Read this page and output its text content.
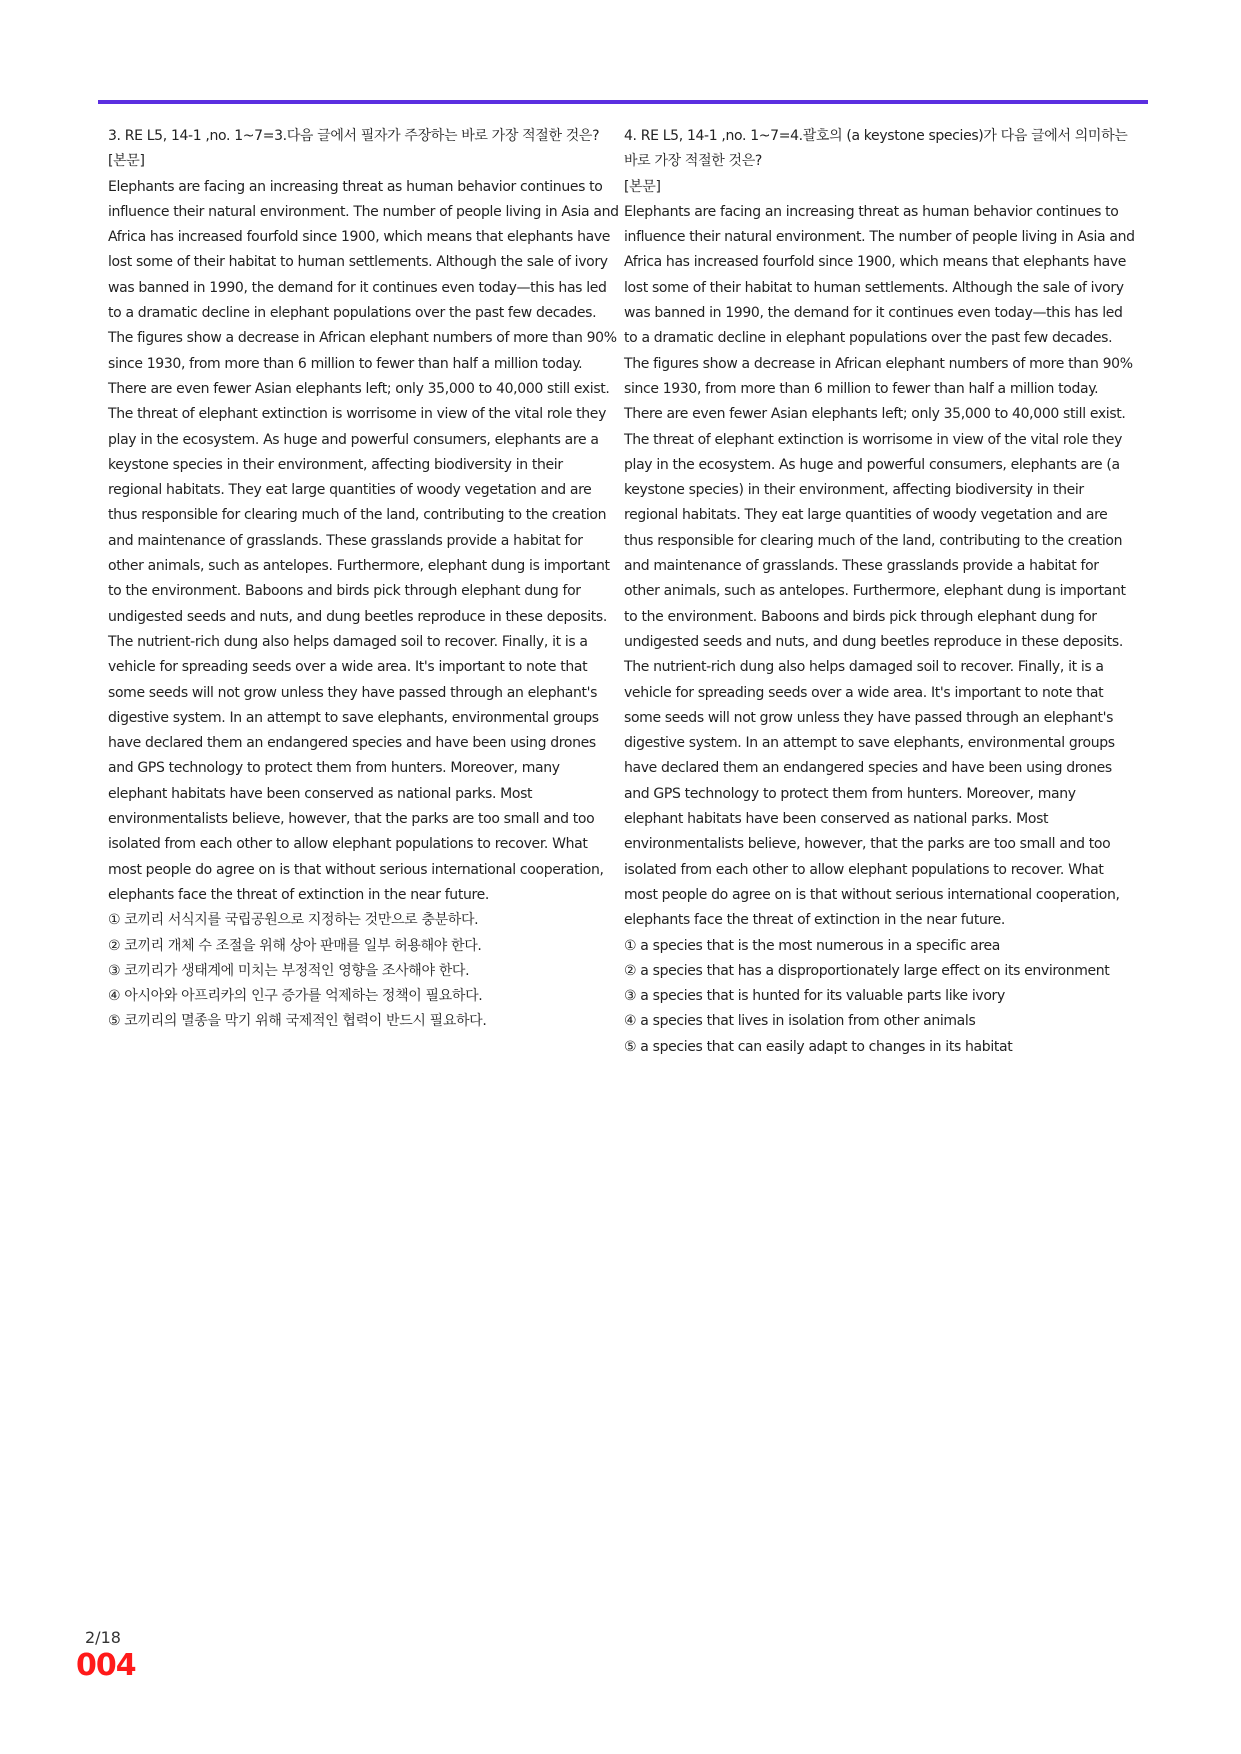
3. RE L5, 14-1 ,no. 1~7=3.다음 글에서 필자가 주장하는 바로 가장 적절한 것은?

[본문]

Elephants are facing an increasing threat as human behavior continues to influence their natural environment. The number of people living in Asia and Africa has increased fourfold since 1900, which means that elephants have lost some of their habitat to human settlements. Although the sale of ivory was banned in 1990, the demand for it continues even today—this has led to a dramatic decline in elephant populations over the past few decades. The figures show a decrease in African elephant numbers of more than 90% since 1930, from more than 6 million to fewer than half a million today. There are even fewer Asian elephants left; only 35,000 to 40,000 still exist. The threat of elephant extinction is worrisome in view of the vital role they play in the ecosystem. As huge and powerful consumers, elephants are a keystone species in their environment, affecting biodiversity in their regional habitats. They eat large quantities of woody vegetation and are thus responsible for clearing much of the land, contributing to the creation and maintenance of grasslands. These grasslands provide a habitat for other animals, such as antelopes. Furthermore, elephant dung is important to the environment. Baboons and birds pick through elephant dung for undigested seeds and nuts, and dung beetles reproduce in these deposits. The nutrient-rich dung also helps damaged soil to recover. Finally, it is a vehicle for spreading seeds over a wide area. It's important to note that some seeds will not grow unless they have passed through an elephant's digestive system. In an attempt to save elephants, environmental groups have declared them an endangered species and have been using drones and GPS technology to protect them from hunters. Moreover, many elephant habitats have been conserved as national parks. Most environmentalists believe, however, that the parks are too small and too isolated from each other to allow elephant populations to recover. What most people do agree on is that without serious international cooperation, elephants face the threat of extinction in the near future.

① 코끼리 서식지를 국립공원으로 지정하는 것만으로 충분하다.
② 코끼리 개체 수 조절을 위해 상아 판매를 일부 허용해야 한다.
③ 코끼리가 생태계에 미치는 부정적인 영향을 조사해야 한다.
④ 아시아와 아프리카의 인구 증가를 억제하는 정책이 필요하다.
⑤ 코끼리의 멸종을 막기 위해 국제적인 협력이 반드시 필요하다.

4. RE L5, 14-1 ,no. 1~7=4.괄호의 (a keystone species)가 다음 글에서 의미하는 바로 가장 적절한 것은?

[본문]

Elephants are facing an increasing threat as human behavior continues to influence their natural environment. The number of people living in Asia and Africa has increased fourfold since 1900, which means that elephants have lost some of their habitat to human settlements. Although the sale of ivory was banned in 1990, the demand for it continues even today—this has led to a dramatic decline in elephant populations over the past few decades. The figures show a decrease in African elephant numbers of more than 90% since 1930, from more than 6 million to fewer than half a million today. There are even fewer Asian elephants left; only 35,000 to 40,000 still exist. The threat of elephant extinction is worrisome in view of the vital role they play in the ecosystem. As huge and powerful consumers, elephants are (a keystone species) in their environment, affecting biodiversity in their regional habitats. They eat large quantities of woody vegetation and are thus responsible for clearing much of the land, contributing to the creation and maintenance of grasslands. These grasslands provide a habitat for other animals, such as antelopes. Furthermore, elephant dung is important to the environment. Baboons and birds pick through elephant dung for undigested seeds and nuts, and dung beetles reproduce in these deposits. The nutrient-rich dung also helps damaged soil to recover. Finally, it is a vehicle for spreading seeds over a wide area. It's important to note that some seeds will not grow unless they have passed through an elephant's digestive system. In an attempt to save elephants, environmental groups have declared them an endangered species and have been using drones and GPS technology to protect them from hunters. Moreover, many elephant habitats have been conserved as national parks. Most environmentalists believe, however, that the parks are too small and too isolated from each other to allow elephant populations to recover. What most people do agree on is that without serious international cooperation, elephants face the threat of extinction in the near future.

① a species that is the most numerous in a specific area
② a species that has a disproportionately large effect on its environment
③ a species that is hunted for its valuable parts like ivory
④ a species that lives in isolation from other animals
⑤ a species that can easily adapt to changes in its habitat
2/18
004
